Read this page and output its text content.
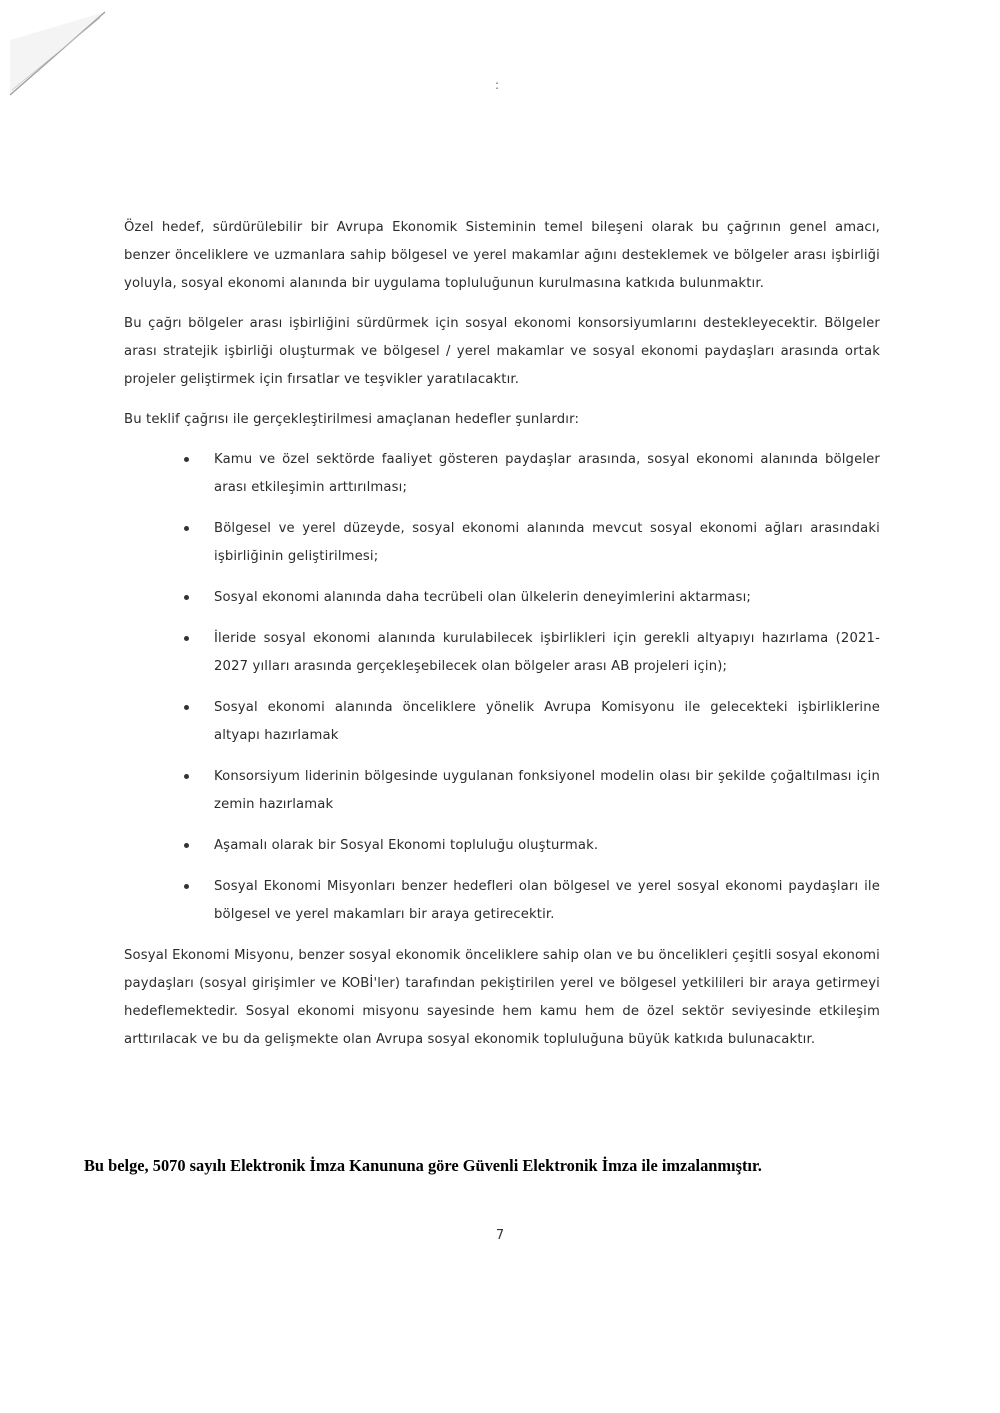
:

Özel hedef, sürdürülebilir bir Avrupa Ekonomik Sisteminin temel bileşeni olarak bu çağrının genel amacı, benzer önceliklere ve uzmanlara sahip bölgesel ve yerel makamlar ağını desteklemek ve bölgeler arası işbirliği yoluyla, sosyal ekonomi alanında bir uygulama topluluğunun kurulmasına katkıda bulunmaktır.

Bu çağrı bölgeler arası işbirliğini sürdürmek için sosyal ekonomi konsorsiyumlarını destekleyecektir. Bölgeler arası stratejik işbirliği oluşturmak ve bölgesel / yerel makamlar ve sosyal ekonomi paydaşları arasında ortak projeler geliştirmek için fırsatlar ve teşvikler yaratılacaktır.

Bu teklif çağrısı ile gerçekleştirilmesi amaçlanan hedefler şunlardır:

Kamu ve özel sektörde faaliyet gösteren paydaşlar arasında, sosyal ekonomi alanında bölgeler arası etkileşimin arttırılması;
Bölgesel ve yerel düzeyde, sosyal ekonomi alanında mevcut sosyal ekonomi ağları arasındaki işbirliğinin geliştirilmesi;
Sosyal ekonomi alanında daha tecrübeli olan ülkelerin deneyimlerini aktarması;
İleride sosyal ekonomi alanında kurulabilecek işbirlikleri için gerekli altyapıyı hazırlama (2021- 2027 yılları arasında gerçekleşebilecek olan bölgeler arası AB projeleri için);
Sosyal ekonomi alanında önceliklere yönelik Avrupa Komisyonu ile gelecekteki işbirliklerine altyapı hazırlamak
Konsorsiyum liderinin bölgesinde uygulanan fonksiyonel modelin olası bir şekilde çoğaltılması için zemin hazırlamak
Aşamalı olarak bir Sosyal Ekonomi topluluğu oluşturmak.
Sosyal Ekonomi Misyonları benzer hedefleri olan bölgesel ve yerel sosyal ekonomi paydaşları ile bölgesel ve yerel makamları bir araya getirecektir.

Sosyal Ekonomi Misyonu, benzer sosyal ekonomik önceliklere sahip olan ve bu öncelikleri çeşitli sosyal ekonomi paydaşları (sosyal girişimler ve KOBİ'ler) tarafından pekiştirilen yerel ve bölgesel yetkilileri bir araya getirmeyi hedeflemektedir. Sosyal ekonomi misyonu sayesinde hem kamu hem de özel sektör seviyesinde etkileşim arttırılacak ve bu da gelişmekte olan Avrupa sosyal ekonomik topluluğuna büyük katkıda bulunacaktır.

Bu belge, 5070 sayılı Elektronik İmza Kanununa göre Güvenli Elektronik İmza ile imzalanmıştır.
7
